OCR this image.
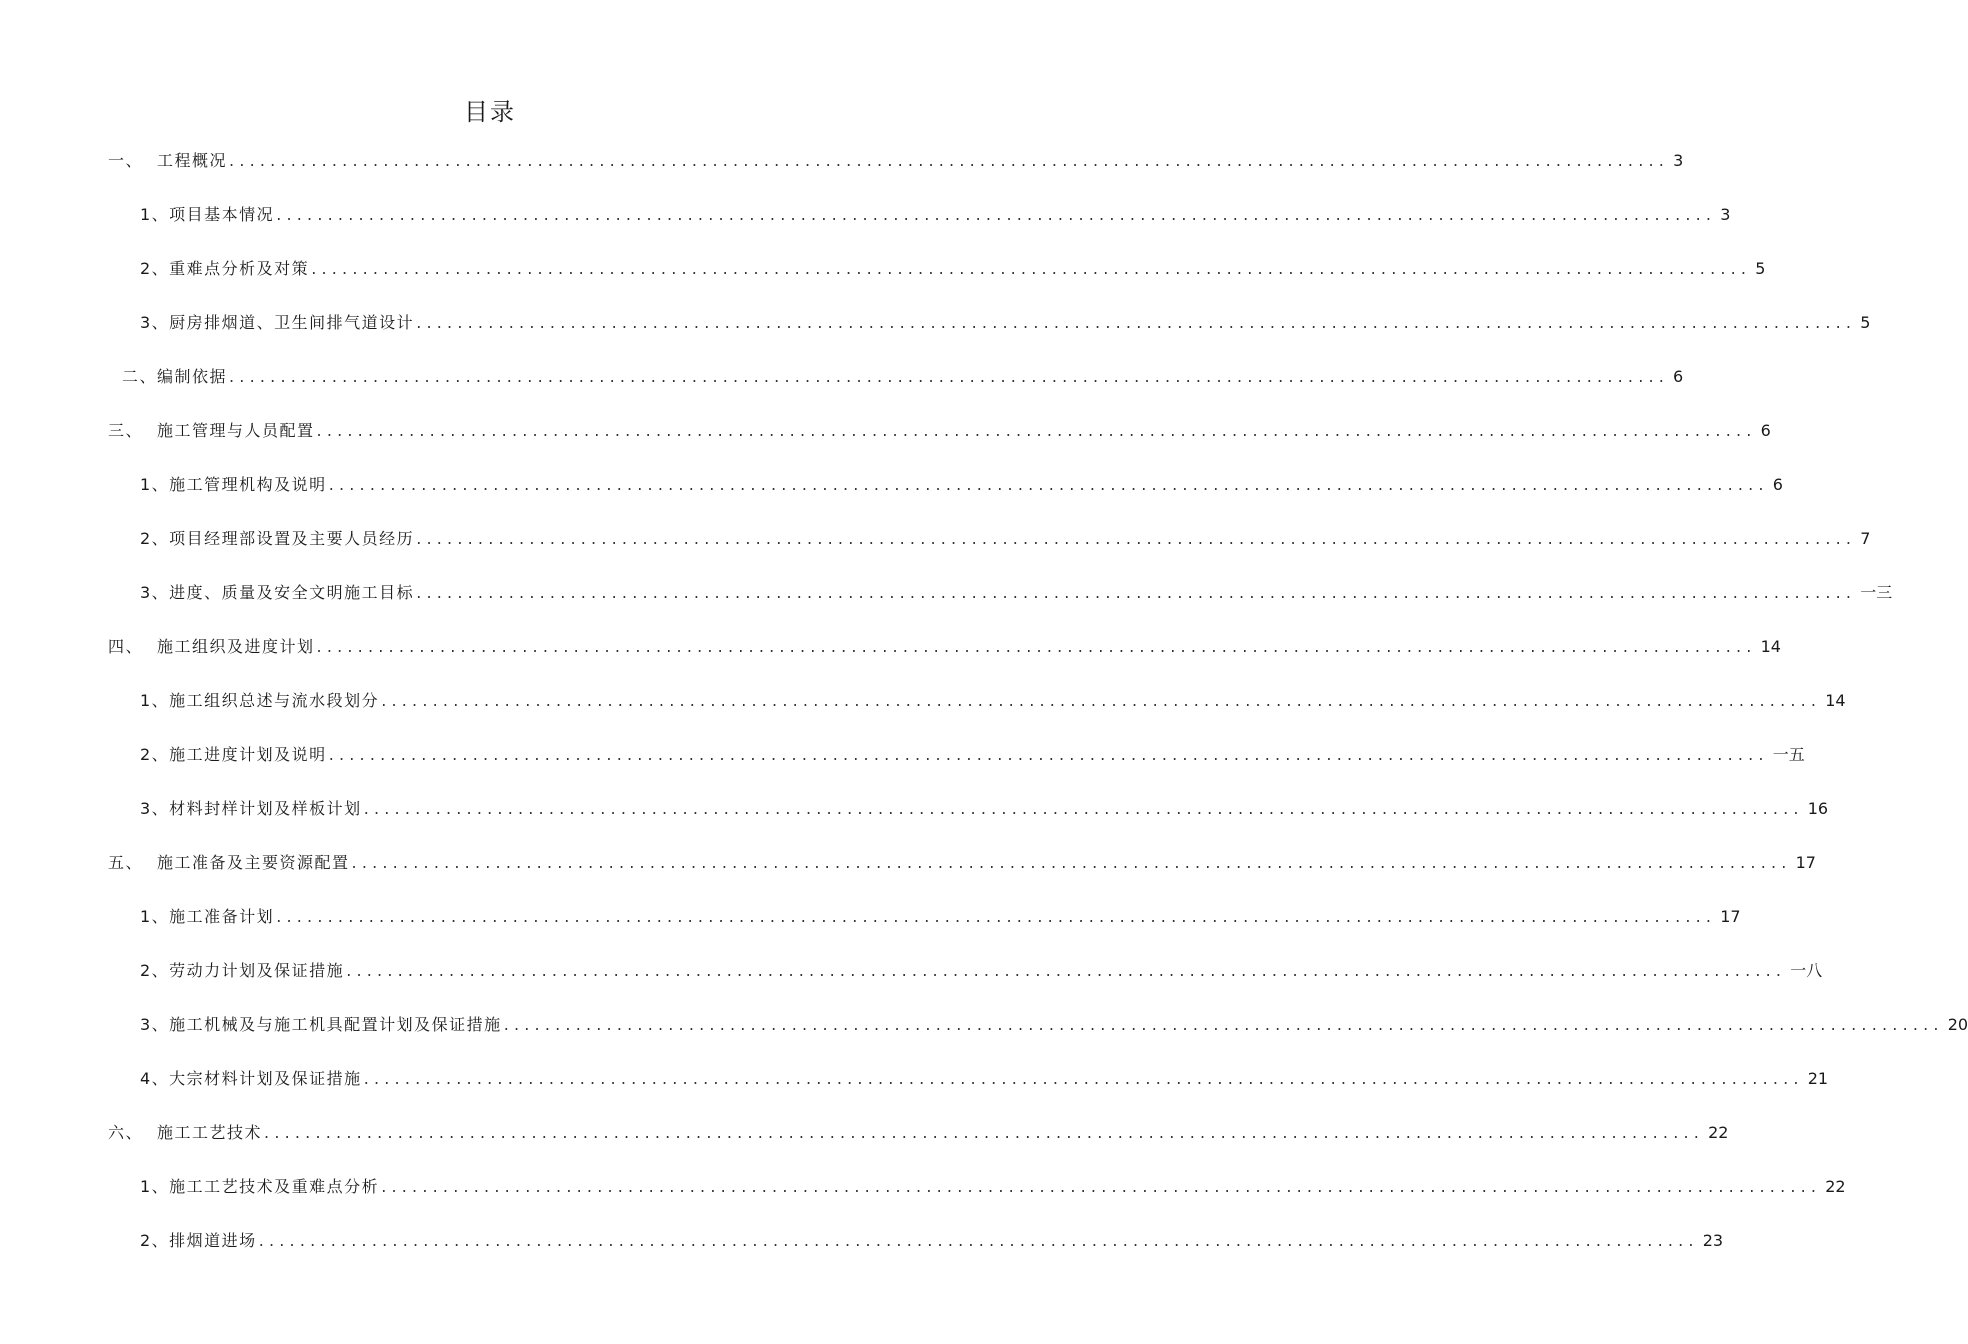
目录
一、 工程概况 ............................................................................................................................................ 3
1、项目基本情况 ............................................................................................................................................ 3
2、重难点分析及对策 ............................................................................................................................................ 5
3、厨房排烟道、卫生间排气道设计 ............................................................................................................................................ 5
二、编制依据 ............................................................................................................................................ 6
三、 施工管理与人员配置 ............................................................................................................................................ 6
1、施工管理机构及说明 ............................................................................................................................................ 6
2、项目经理部设置及主要人员经历 ............................................................................................................................................ 7
3、进度、质量及安全文明施工目标 ............................................................................................................................................ 一三
四、 施工组织及进度计划 ............................................................................................................................................ 14
1、施工组织总述与流水段划分 ............................................................................................................................................ 14
2、施工进度计划及说明 ............................................................................................................................................ 一五
3、材料封样计划及样板计划 ............................................................................................................................................ 16
五、 施工准备及主要资源配置 ............................................................................................................................................ 17
1、施工准备计划 ............................................................................................................................................ 17
2、劳动力计划及保证措施 ............................................................................................................................................ 一八
3、施工机械及与施工机具配置计划及保证措施 ............................................................................................................................................ 20
4、大宗材料计划及保证措施 ............................................................................................................................................ 21
六、 施工工艺技术 ............................................................................................................................................ 22
1、施工工艺技术及重难点分析 ............................................................................................................................................ 22
2、排烟道进场 ............................................................................................................................................ 23
